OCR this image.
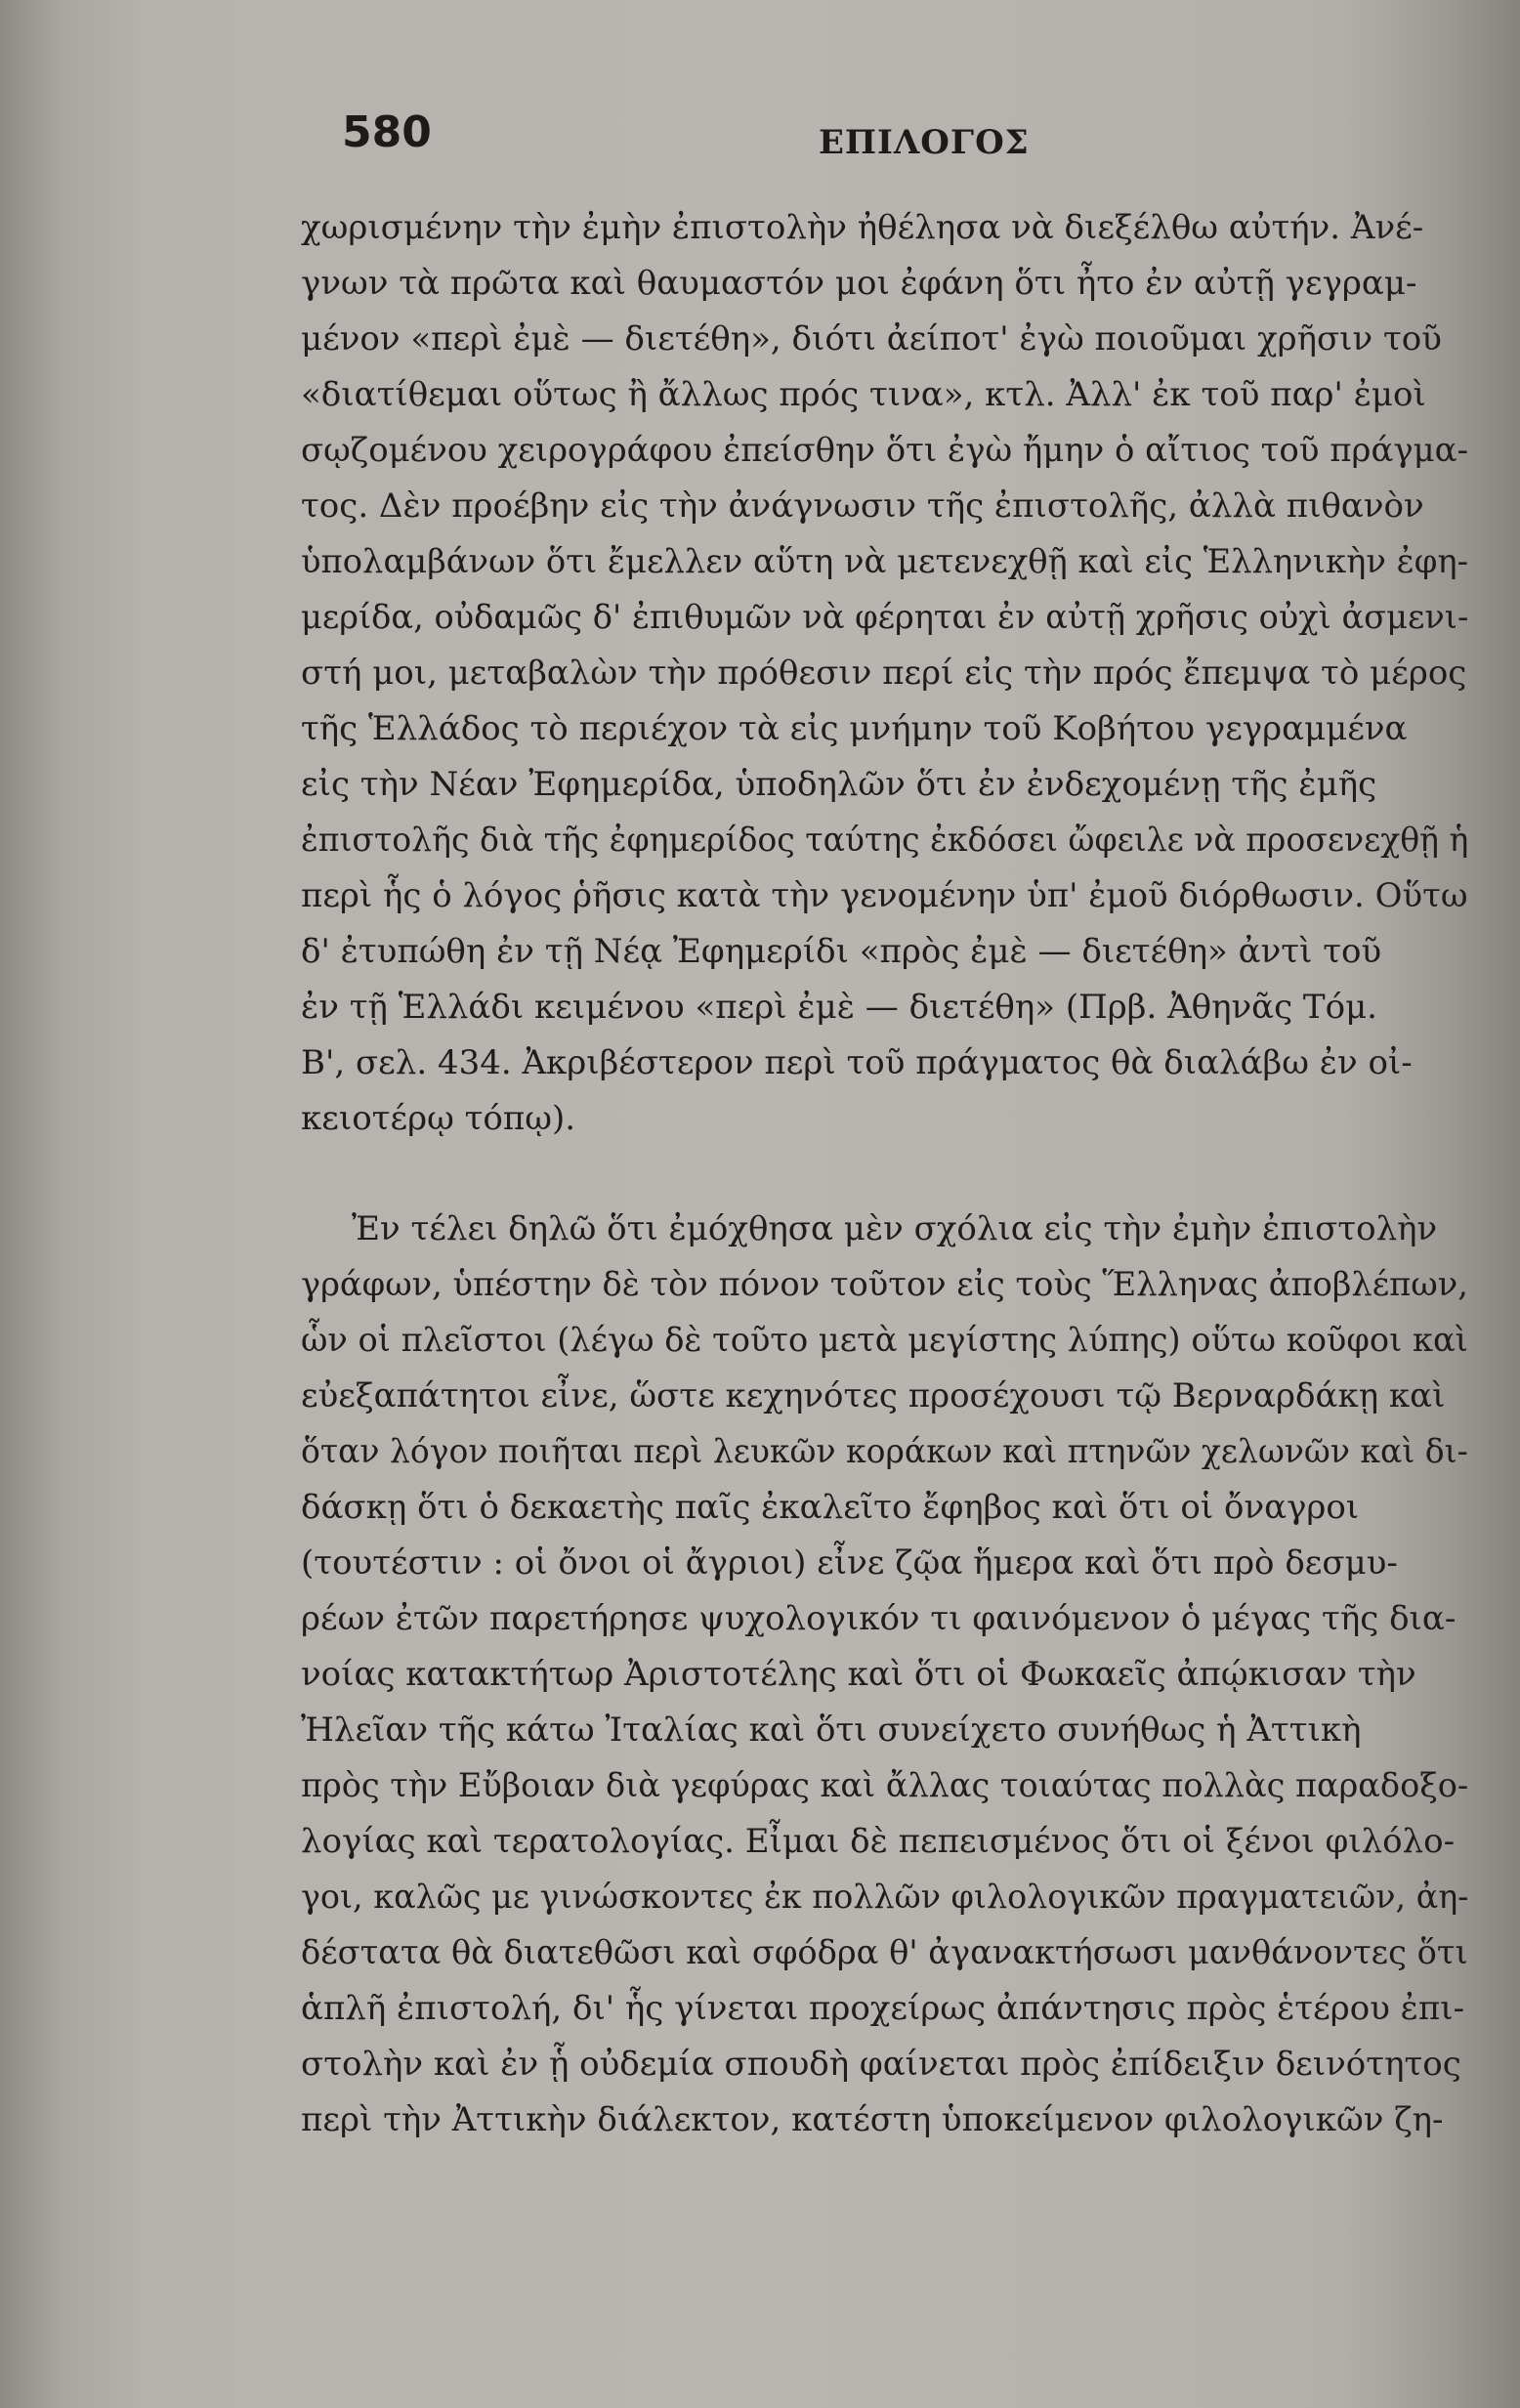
580	ΕΠΙΛΟΓΟΣ
χωρισμένην τὴν ἐμὴν ἐπιστολὴν ἠθέλησα νὰ διεξέλθω αὐτήν. Ἀνέ-
γνων τὰ πρῶτα καὶ θαυμαστόν μοι ἐφάνη ὅτι ἦτο ἐν αὐτῇ γεγραμ-
μένον «περὶ ἐμὲ — διετέθη», διότι ἀείποτ' ἐγὼ ποιοῦμαι χρῆσιν τοῦ
«διατίθεμαι οὕτως ἢ ἄλλως πρός τινα», κτλ. Ἀλλ' ἐκ τοῦ παρ' ἐμοὶ
σῳζομένου χειρογράφου ἐπείσθην ὅτι ἐγὼ ἤμην ὁ αἴτιος τοῦ πράγμα-
τος. Δὲν προέβην εἰς τὴν ἀνάγνωσιν τῆς ἐπιστολῆς, ἀλλὰ πιθανὸν
ὑπολαμβάνων ὅτι ἔμελλεν αὕτη νὰ μετενεχθῇ καὶ εἰς Ἑλληνικὴν ἐφη-
μερίδα, οὐδαμῶς δ' ἐπιθυμῶν νὰ φέρηται ἐν αὐτῇ χρῆσις οὐχὶ ἀσμενι-
στή μοι, μεταβαλὼν τὴν πρόθεσιν περί εἰς τὴν πρός ἔπεμψα τὸ μέρος
τῆς Ἑλλάδος τὸ περιέχον τὰ εἰς μνήμην τοῦ Κοβήτου γεγραμμένα
εἰς τὴν Νέαν Ἐφημερίδα, ὑποδηλῶν ὅτι ἐν ἐνδεχομένῃ τῆς ἐμῆς
ἐπιστολῆς διὰ τῆς ἐφημερίδος ταύτης ἐκδόσει ὤφειλε νὰ προσενεχθῇ ἡ
περὶ ἧς ὁ λόγος ῥῆσις κατὰ τὴν γενομένην ὑπ' ἐμοῦ διόρθωσιν. Οὕτω
δ' ἐτυπώθη ἐν τῇ Νέᾳ Ἐφημερίδι «πρὸς ἐμὲ — διετέθη» ἀντὶ τοῦ
ἐν τῇ Ἑλλάδι κειμένου «περὶ ἐμὲ — διετέθη» (Πρβ. Ἀθηνᾶς Τόμ.
Β', σελ. 434. Ἀκριβέστερον περὶ τοῦ πράγματος θὰ διαλάβω ἐν οἰ-
κειοτέρῳ τόπῳ).
Ἐν τέλει δηλῶ ὅτι ἐμόχθησα μὲν σχόλια εἰς τὴν ἐμὴν ἐπιστολὴν
γράφων, ὑπέστην δὲ τὸν πόνον τοῦτον εἰς τοὺς Ἕλληνας ἀποβλέπων,
ὧν οἱ πλεῖστοι (λέγω δὲ τοῦτο μετὰ μεγίστης λύπης) οὕτω κοῦφοι καὶ
εὐεξαπάτητοι εἶνε, ὥστε κεχηνότες προσέχουσι τῷ Βερναρδάκῃ καὶ
ὅταν λόγον ποιῆται περὶ λευκῶν κοράκων καὶ πτηνῶν χελωνῶν καὶ δι-
δάσκῃ ὅτι ὁ δεκαετὴς παῖς ἐκαλεῖτο ἔφηβος καὶ ὅτι οἱ ὄναγροι
(τουτέστιν : οἱ ὄνοι οἱ ἄγριοι) εἶνε ζῷα ἥμερα καὶ ὅτι πρὸ δεσμυ-
ρέων ἐτῶν παρετήρησε ψυχολογικόν τι φαινόμενον ὁ μέγας τῆς δια-
νοίας κατακτήτωρ Ἀριστοτέλης καὶ ὅτι οἱ Φωκαεῖς ἀπῴκισαν τὴν
Ἠλεῖαν τῆς κάτω Ἰταλίας καὶ ὅτι συνείχετο συνήθως ἡ Ἀττικὴ
πρὸς τὴν Εὔβοιαν διὰ γεφύρας καὶ ἄλλας τοιαύτας πολλὰς παραδοξο-
λογίας καὶ τερατολογίας. Εἶμαι δὲ πεπεισμένος ὅτι οἱ ξένοι φιλόλο-
γοι, καλῶς με γινώσκοντες ἐκ πολλῶν φιλολογικῶν πραγματειῶν, ἀη-
δέστατα θὰ διατεθῶσι καὶ σφόδρα θ' ἀγανακτήσωσι μανθάνοντες ὅτι
ἁπλῆ ἐπιστολή, δι' ἧς γίνεται προχείρως ἀπάντησις πρὸς ἑτέρου ἐπι-
στολὴν καὶ ἐν ᾗ οὐδεμία σπουδὴ φαίνεται πρὸς ἐπίδειξιν δεινότητος
περὶ τὴν Ἀττικὴν διάλεκτον, κατέστη ὑποκείμενον φιλολογικῶν ζη-
